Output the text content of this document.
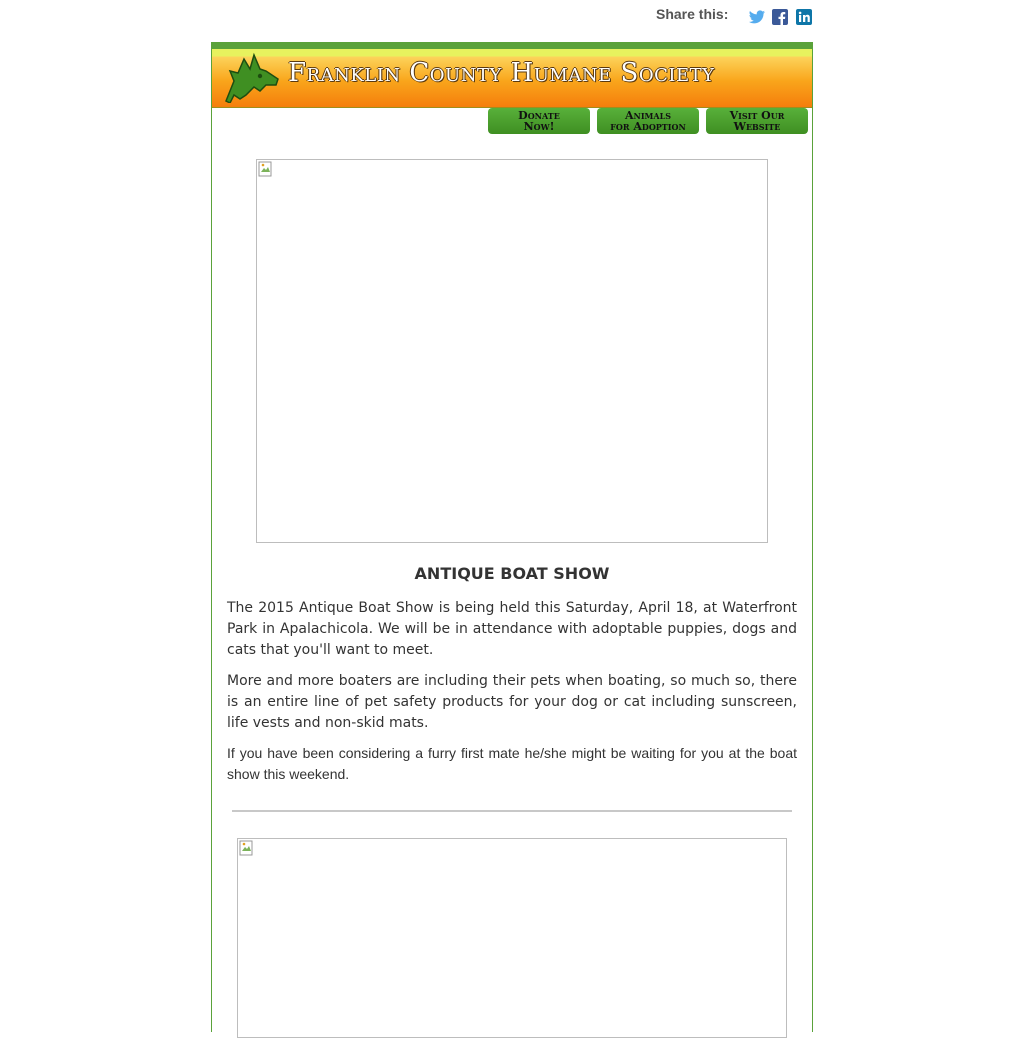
Share this:
Franklin County Humane Society
Donate
Now!
Animals
for Adoption
Visit Our
Website
ANTIQUE BOAT SHOW

The 2015 Antique Boat Show is being held this Saturday, April 18, at Waterfront Park in Apalachicola. We will be in attendance with adoptable puppies, dogs and cats that you'll want to meet.

More and more boaters are including their pets when boating, so much so, there is an entire line of pet safety products for your dog or cat including sunscreen, life vests and non-skid mats.

If you have been considering a furry first mate he/she might be waiting for you at the boat show this weekend.
